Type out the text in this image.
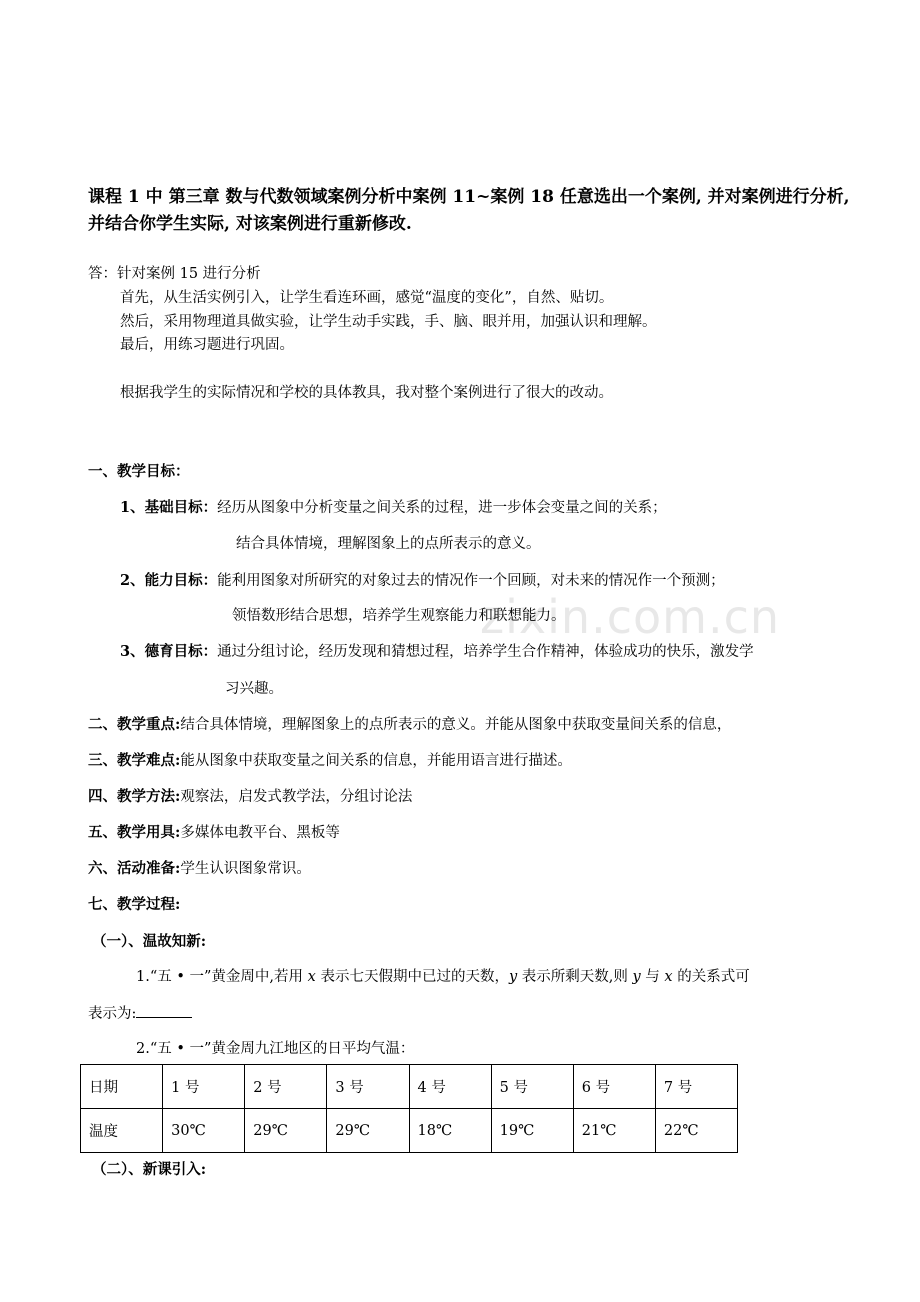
zixin.com.cn
课程 1 中 第三章 数与代数领域案例分析中案例 11~案例 18 任意选出一个案例, 并对案例进行分析, 并结合你学生实际, 对该案例进行重新修改.
答：针对案例 15 进行分析
首先，从生活实例引入，让学生看连环画，感觉“温度的变化”，自然、贴切。
然后，采用物理道具做实验，让学生动手实践，手、脑、眼并用，加强认识和理解。
最后，用练习题进行巩固。
根据我学生的实际情况和学校的具体教具，我对整个案例进行了很大的改动。
一、教学目标：
1、基础目标：经历从图象中分析变量之间关系的过程，进一步体会变量之间的关系；
结合具体情境，理解图象上的点所表示的意义。
2、能力目标：能利用图象对所研究的对象过去的情况作一个回顾，对未来的情况作一个预测；
领悟数形结合思想，培养学生观察能力和联想能力。
3、德育目标：通过分组讨论，经历发现和猜想过程，培养学生合作精神，体验成功的快乐，激发学
习兴趣。
二、教学重点:结合具体情境，理解图象上的点所表示的意义。并能从图象中获取变量间关系的信息，
三、教学难点:能从图象中获取变量之间关系的信息，并能用语言进行描述。
四、教学方法:观察法，启发式教学法，分组讨论法
五、教学用具:多媒体电教平台、黑板等
六、活动准备:学生认识图象常识。
七、教学过程:
（一）、温故知新:
1.“五 • 一”黄金周中,若用 x 表示七天假期中已过的天数，y 表示所剩天数,则 y 与 x 的关系式可
表示为:
2.“五 • 一”黄金周九江地区的日平均气温：
日期	1 号	2 号	3 号	4 号	5 号	6 号	7 号
温度	30℃	29℃	29℃	18℃	19℃	21℃	22℃
（二）、新课引入:
